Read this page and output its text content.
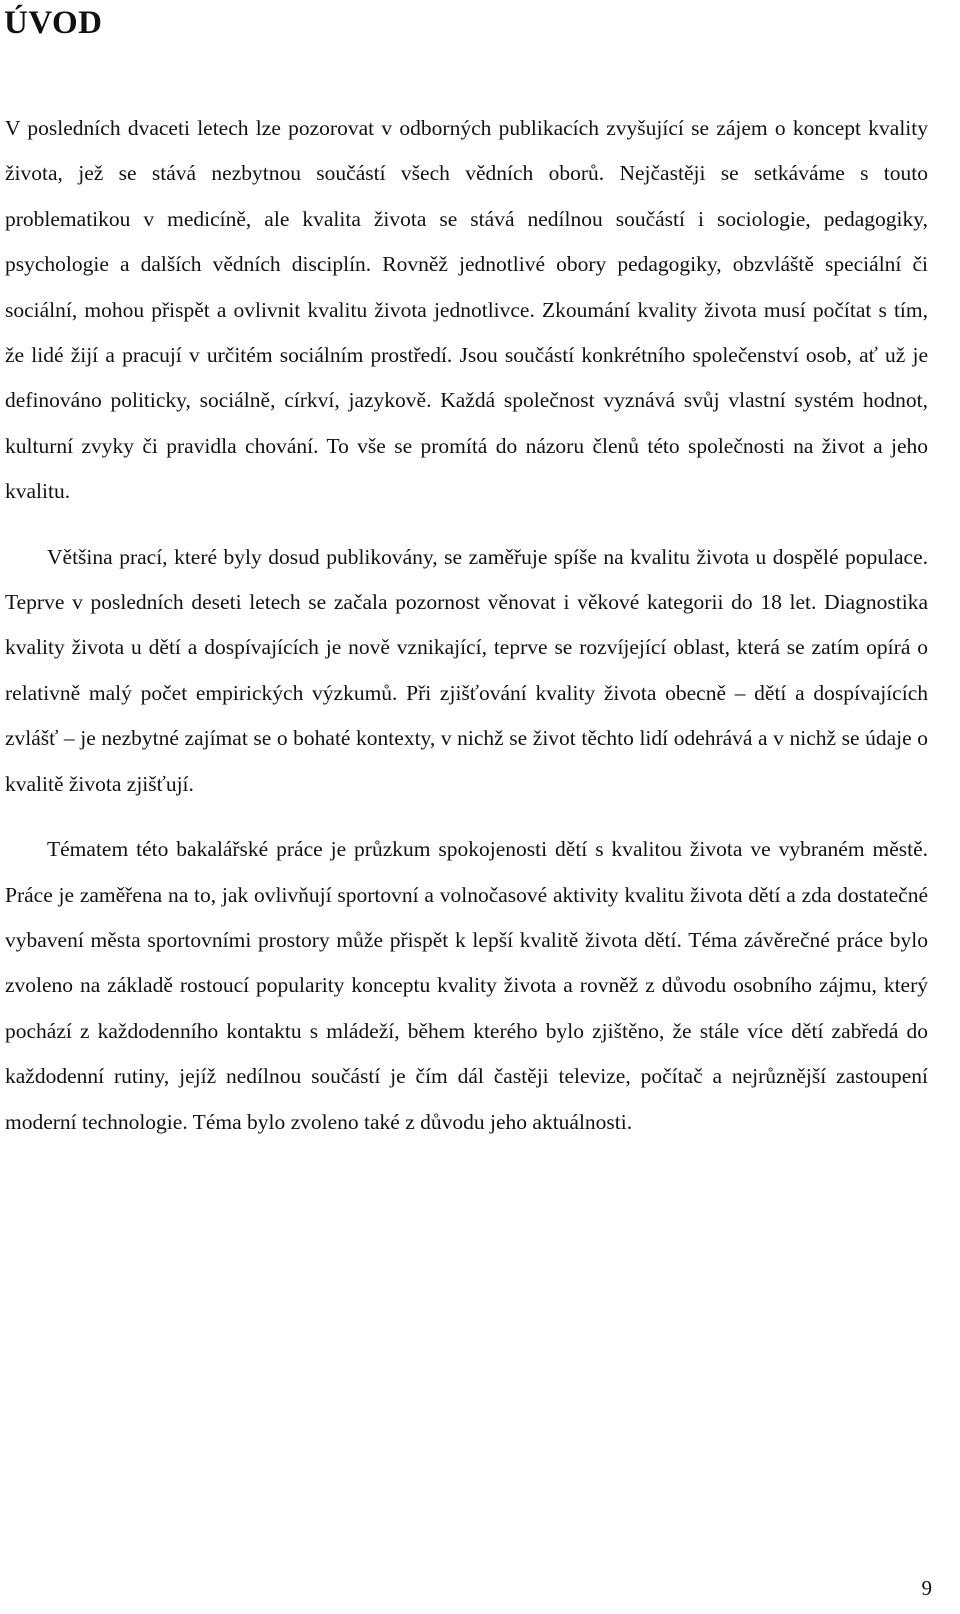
ÚVOD

V posledních dvaceti letech lze pozorovat v odborných publikacích zvyšující se zájem o koncept kvality života, jež se stává nezbytnou součástí všech vědních oborů. Nejčastěji se setkáváme s touto problematikou v medicíně, ale kvalita života se stává nedílnou součástí i sociologie, pedagogiky, psychologie a dalších vědních disciplín. Rovněž jednotlivé obory pedagogiky, obzvláště speciální či sociální, mohou přispět a ovlivnit kvalitu života jednotlivce. Zkoumání kvality života musí počítat s tím, že lidé žijí a pracují v určitém sociálním prostředí. Jsou součástí konkrétního společenství osob, ať už je definováno politicky, sociálně, církví, jazykově. Každá společnost vyznává svůj vlastní systém hodnot, kulturní zvyky či pravidla chování. To vše se promítá do názoru členů této společnosti na život a jeho kvalitu.

Většina prací, které byly dosud publikovány, se zaměřuje spíše na kvalitu života u dospělé populace. Teprve v posledních deseti letech se začala pozornost věnovat i věkové kategorii do 18 let. Diagnostika kvality života u dětí a dospívajících je nově vznikající, teprve se rozvíjející oblast, která se zatím opírá o relativně malý počet empirických výzkumů. Při zjišťování kvality života obecně – dětí a dospívajících zvlášť – je nezbytné zajímat se o bohaté kontexty, v nichž se život těchto lidí odehrává a v nichž se údaje o kvalitě života zjišťují.

Tématem této bakalářské práce je průzkum spokojenosti dětí s kvalitou života ve vybraném městě. Práce je zaměřena na to, jak ovlivňují sportovní a volnočasové aktivity kvalitu života dětí a zda dostatečné vybavení města sportovními prostory může přispět k lepší kvalitě života dětí. Téma závěrečné práce bylo zvoleno na základě rostoucí popularity konceptu kvality života a rovněž z důvodu osobního zájmu, který pochází z každodenního kontaktu s mládeží, během kterého bylo zjištěno, že stále více dětí zabředá do každodenní rutiny, jejíž nedílnou součástí je čím dál častěji televize, počítač a nejrůznější zastoupení moderní technologie. Téma bylo zvoleno také z důvodu jeho aktuálnosti.

9
